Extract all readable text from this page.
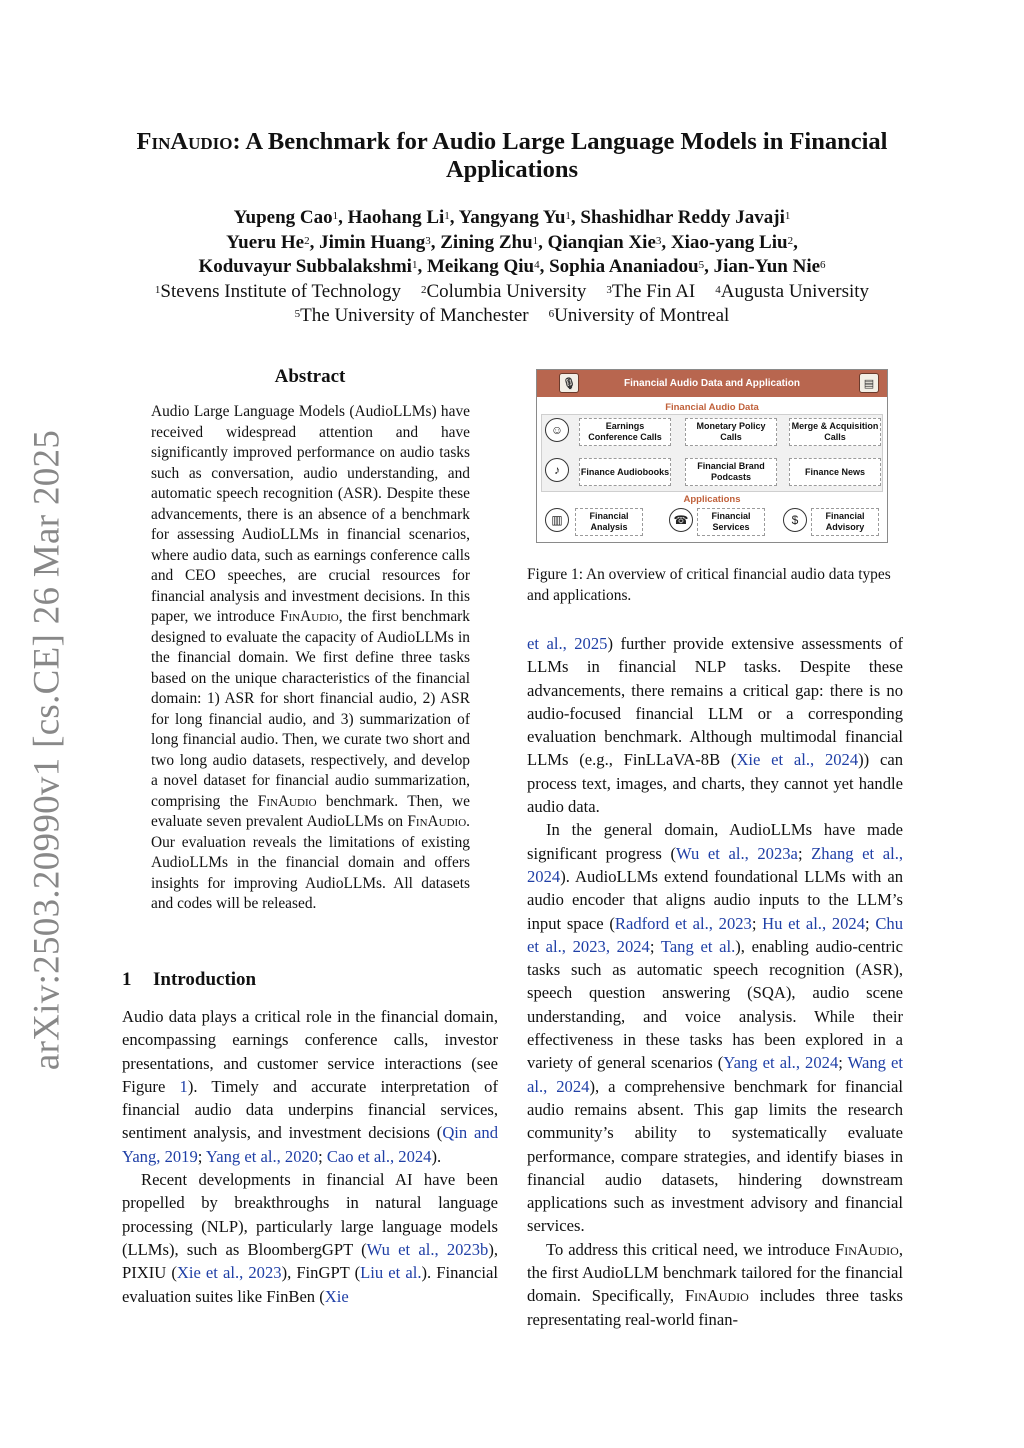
arXiv:2503.20990v1 [cs.CE] 26 Mar 2025
FinAudio: A Benchmark for Audio Large Language Models in Financial
Applications
Yupeng Cao$^1$, Haohang Li$^1$, Yangyang Yu$^1$, Shashidhar Reddy Javaji$^1$
Yueru He$^2$, Jimin Huang$^3$, Zining Zhu$^1$, Qianqian Xie$^3$, Xiao-yang Liu$^2$,
Koduvayur Subbalakshmi$^1$, Meikang Qiu$^4$, Sophia Ananiadou$^5$, Jian-Yun Nie$^6$
$^1$Stevens Institute of Technology $^2$Columbia University $^3$The Fin AI $^4$Augusta University
$^5$The University of Manchester $^6$University of Montreal
Abstract
Audio Large Language Models (AudioLLMs) have received widespread attention and have significantly improved performance on audio tasks such as conversation, audio understanding, and automatic speech recognition (ASR). Despite these advancements, there is an absence of a benchmark for assessing AudioLLMs in financial scenarios, where audio data, such as earnings conference calls and CEO speeches, are crucial resources for financial analysis and investment decisions. In this paper, we introduce FinAudio, the first benchmark designed to evaluate the capacity of AudioLLMs in the financial domain. We first define three tasks based on the unique characteristics of the financial domain: 1) ASR for short financial audio, 2) ASR for long financial audio, and 3) summarization of long financial audio. Then, we curate two short and two long audio datasets, respectively, and develop a novel dataset for financial audio summarization, comprising the FinAudio benchmark. Then, we evaluate seven prevalent AudioLLMs on FinAudio. Our evaluation reveals the limitations of existing AudioLLMs in the financial domain and offers insights for improving AudioLLMs. All datasets and codes will be released.
1 Introduction

Audio data plays a critical role in the financial domain, encompassing earnings conference calls, investor presentations, and customer service interactions (see Figure 1). Timely and accurate interpretation of financial audio data underpins financial services, sentiment analysis, and investment decisions (Qin and Yang, 2019; Yang et al., 2020; Cao et al., 2024).

Recent developments in financial AI have been propelled by breakthroughs in natural language processing (NLP), particularly large language models (LLMs), such as BloombergGPT (Wu et al., 2023b), PIXIU (Xie et al., 2023), FinGPT (Liu et al.). Financial evaluation suites like FinBen (Xie

🎙	Financial Audio Data and Application	▤
Financial Audio Data
☺	Earnings Conference Calls
Monetary Policy Calls
Merge & Acquisition Calls
♪	Finance Audiobooks
Financial Brand Podcasts
Finance News
Applications
▥	Financial Analysis	☎	Financial Services	$	Financial Advisory
Figure 1: An overview of critical financial audio data types and applications.

et al., 2025) further provide extensive assessments of LLMs in financial NLP tasks. Despite these advancements, there remains a critical gap: there is no audio-focused financial LLM or a corresponding evaluation benchmark. Although multimodal financial LLMs (e.g., FinLLaVA-8B (Xie et al., 2024)) can process text, images, and charts, they cannot yet handle audio data.

In the general domain, AudioLLMs have made significant progress (Wu et al., 2023a; Zhang et al., 2024). AudioLLMs extend foundational LLMs with an audio encoder that aligns audio inputs to the LLM’s input space (Radford et al., 2023; Hu et al., 2024; Chu et al., 2023, 2024; Tang et al.), enabling audio-centric tasks such as automatic speech recognition (ASR), speech question answering (SQA), audio scene understanding, and voice analysis. While their effectiveness in these tasks has been explored in a variety of general scenarios (Yang et al., 2024; Wang et al., 2024), a comprehensive benchmark for financial audio remains absent. This gap limits the research community’s ability to systematically evaluate performance, compare strategies, and identify biases in financial audio datasets, hindering downstream applications such as investment advisory and financial services.

To address this critical need, we introduce FinAudio, the first AudioLLM benchmark tailored for the financial domain. Specifically, FinAudio includes three tasks representating real-world finan-
